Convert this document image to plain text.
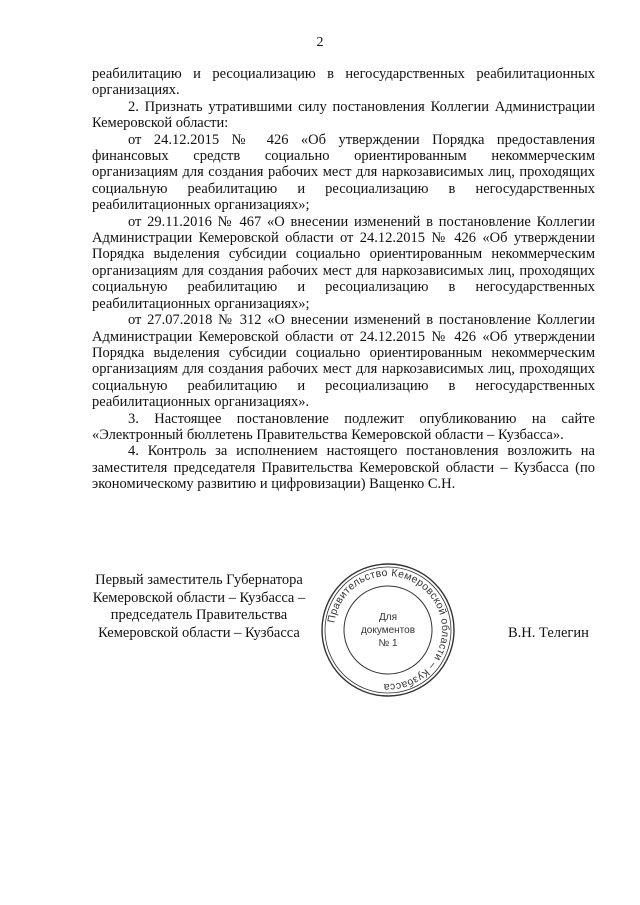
2

реабилитацию и ресоциализацию в негосударственных реабилитационных организациях.

2. Признать утратившими силу постановления Коллегии Администрации Кемеровской области:

от 24.12.2015 № 426 «Об утверждении Порядка предоставления финансовых средств социально ориентированным некоммерческим организациям для создания рабочих мест для наркозависимых лиц, проходящих социальную реабилитацию и ресоциализацию в негосударственных реабилитационных организациях»;

от 29.11.2016 № 467 «О внесении изменений в постановление Коллегии Администрации Кемеровской области от 24.12.2015 № 426 «Об утверждении Порядка выделения субсидии социально ориентированным некоммерческим организациям для создания рабочих мест для наркозависимых лиц, проходящих социальную реабилитацию и ресоциализацию в негосударственных реабилитационных организациях»;

от 27.07.2018 № 312 «О внесении изменений в постановление Коллегии Администрации Кемеровской области от 24.12.2015 № 426 «Об утверждении Порядка выделения субсидии социально ориентированным некоммерческим организациям для создания рабочих мест для наркозависимых лиц, проходящих социальную реабилитацию и ресоциализацию в негосударственных реабилитационных организациях».

3. Настоящее постановление подлежит опубликованию на сайте «Электронный бюллетень Правительства Кемеровской области – Кузбасса».

4. Контроль за исполнением настоящего постановления возложить на заместителя председателя Правительства Кемеровской области – Кузбасса (по экономическому развитию и цифровизации) Ващенко С.Н.

Первый заместитель Губернатора
Кемеровской области – Кузбасса –
председатель Правительства
Кемеровской области – Кузбасса
Правительство Кемеровской области – Кузбасса
Для
документов
№ 1
В.Н. Телегин
